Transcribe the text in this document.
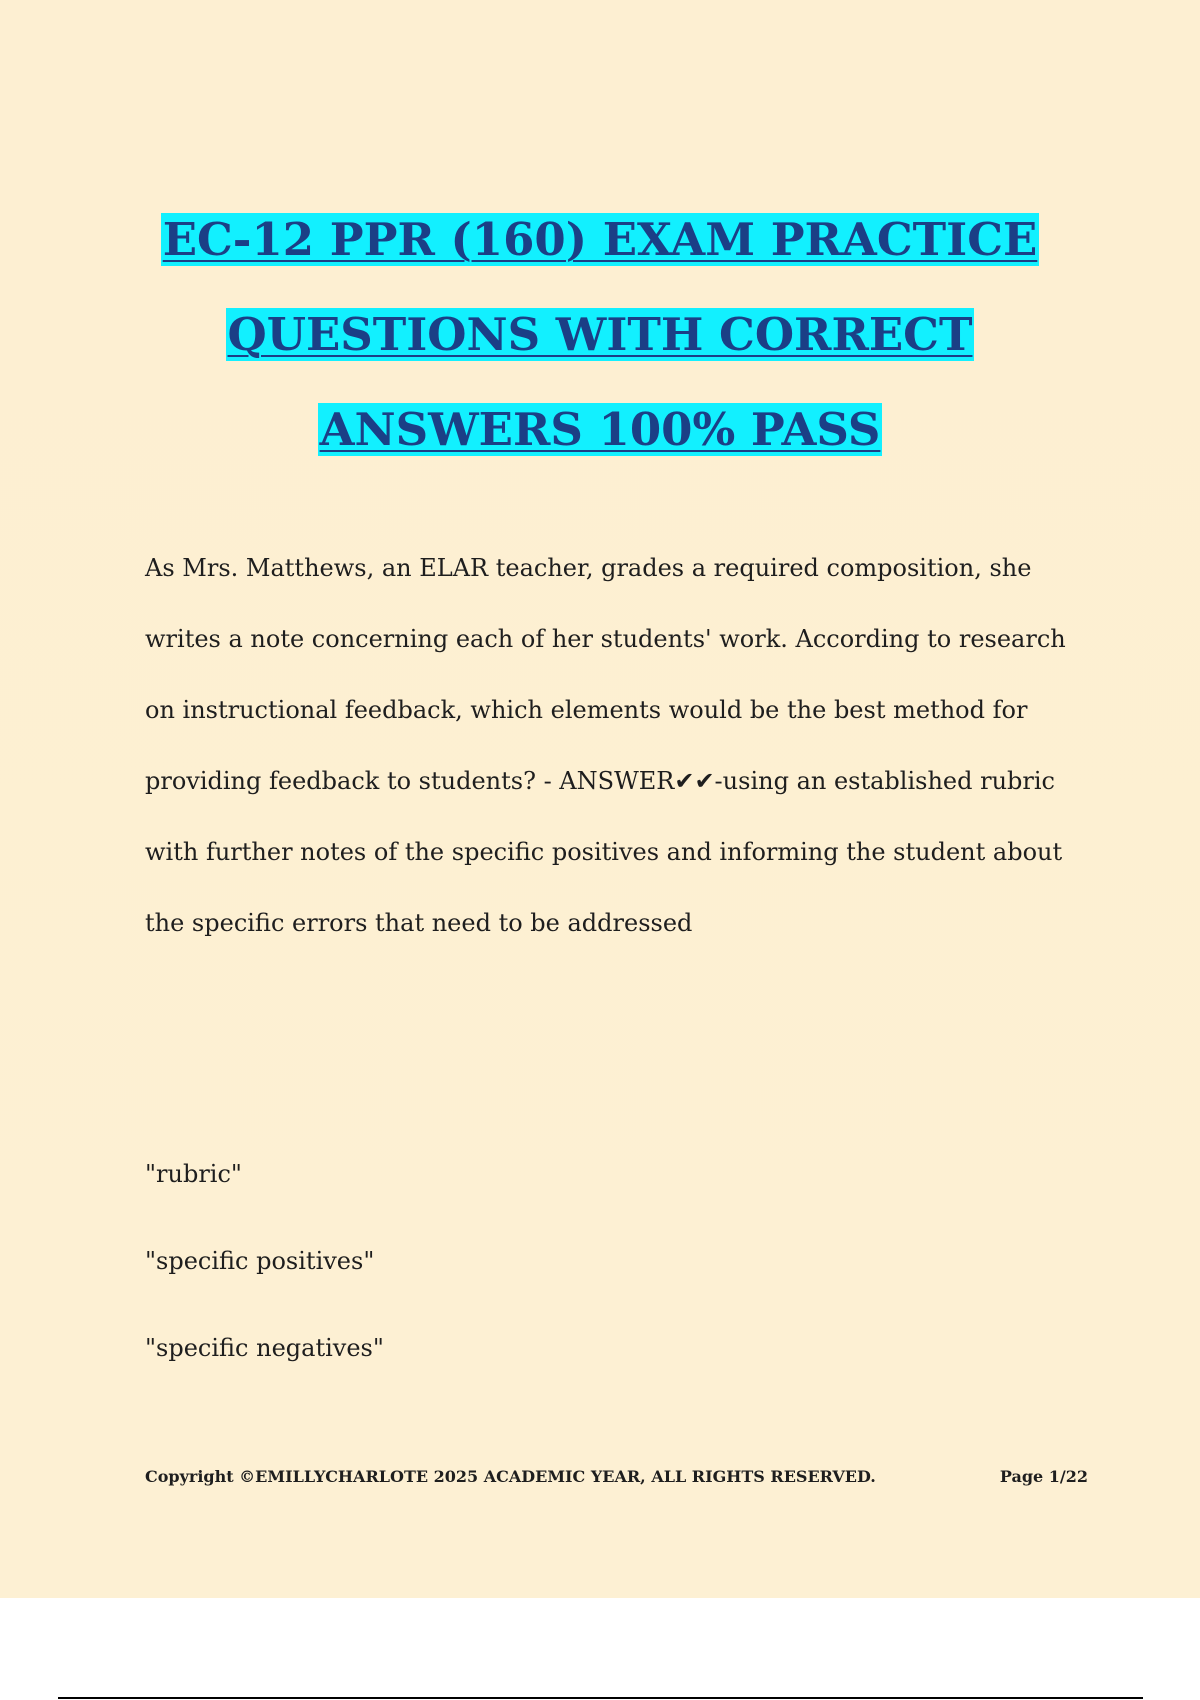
EC-12 PPR (160) EXAM PRACTICE
QUESTIONS WITH CORRECT
ANSWERS 100% PASS

As Mrs. Matthews, an ELAR teacher, grades a required composition, she writes a note concerning each of her students' work. According to research on instructional feedback, which elements would be the best method for providing feedback to students? - ANSWER✔✔-using an established rubric with further notes of the specific positives and informing the student about the specific errors that need to be addressed

"rubric"

"specific positives"

"specific negatives"

Copyright ©EMILLYCHARLOTE 2025 ACADEMIC YEAR, ALL RIGHTS RESERVED.	Page 1/22
